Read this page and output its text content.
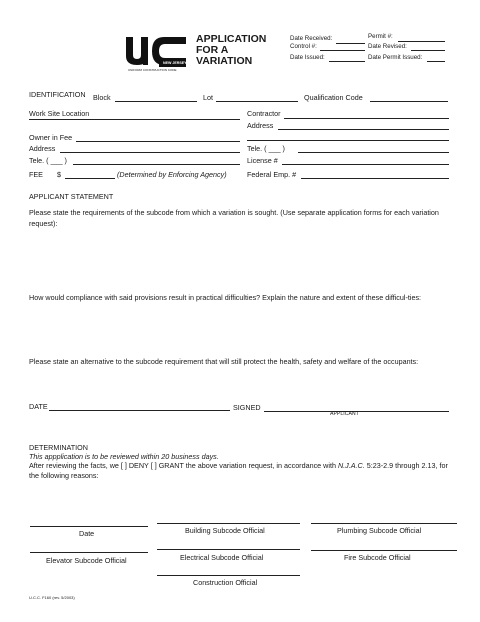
NEW JERSEY
UNIFORM CONSTRUCTION CODE
APPLICATION
FOR A
VARIATION
Date Received:
Control #:
Date Issued:
Permit #:
Date Revised:
Date Permit Issued:
IDENTIFICATION Block	Lot	Qualification Code
Work Site Location	Contractor
Address
Owner in Fee
Address	Tele. ( ___ )
Tele. ( ___ )	License #
FEE $	(Determined by Enforcing Agency)	Federal Emp. #
APPLICANT STATEMENT
Please state the requirements of the subcode from which a variation is sought. (Use separate application forms for each variation request):
How would compliance with said provisions result in practical difficulties? Explain the nature and extent of these difficul-ties:
Please state an alternative to the subcode requirement that will still protect the health, safety and welfare of the occupants:
DATE	SIGNED
APPLICANT
DETERMINATION
This appplication is to be reviewed within 20 business days.
After reviewing the facts, we [ ] DENY [ ] GRANT the above variation request, in accordance with N.J.A.C. 5:23-2.9 through 2.13, for the following reasons:
Date	Building Subcode Official	Plumbing Subcode Official
Elevator Subcode Official	Electrical Subcode Official	Fire Subcode Official
Construction Official
U.C.C. F160 (rev. 5/2003)
